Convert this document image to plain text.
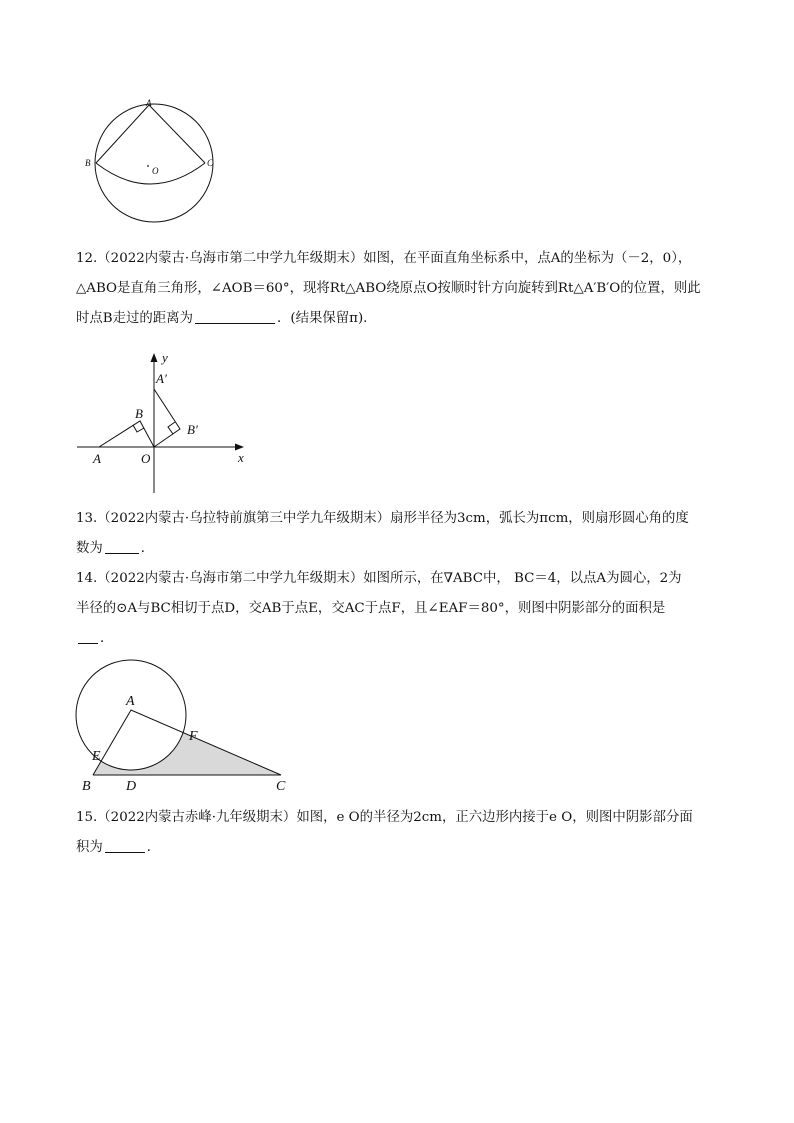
A
B	C
O
12.（2022内蒙古·乌海市第二中学九年级期末）如图，在平面直角坐标系中，点A的坐标为（－2，0），
△ABO是直角三角形，∠AOB＝60°，现将Rt△ABO绕原点O按顺时针方向旋转到Rt△A′B′O的位置，则此
时点B走过的距离为	．(结果保留π).
y
x
A′
B′
B
A	O
13.（2022内蒙古·乌拉特前旗第三中学九年级期末）扇形半径为3cm，弧长为πcm，则扇形圆心角的度
数为	．
14.（2022内蒙古·乌海市第二中学九年级期末）如图所示，在∇ABC中， BC＝4，以点A为圆心，2为
半径的⊙A与BC相切于点D，交AB于点E，交AC于点F，且∠EAF＝80°，则图中阴影部分的面积是
．
A
F
E
B	D	C
15.（2022内蒙古赤峰·九年级期末）如图，e O的半径为2cm，正六边形内接于e O，则图中阴影部分面
积为	．
